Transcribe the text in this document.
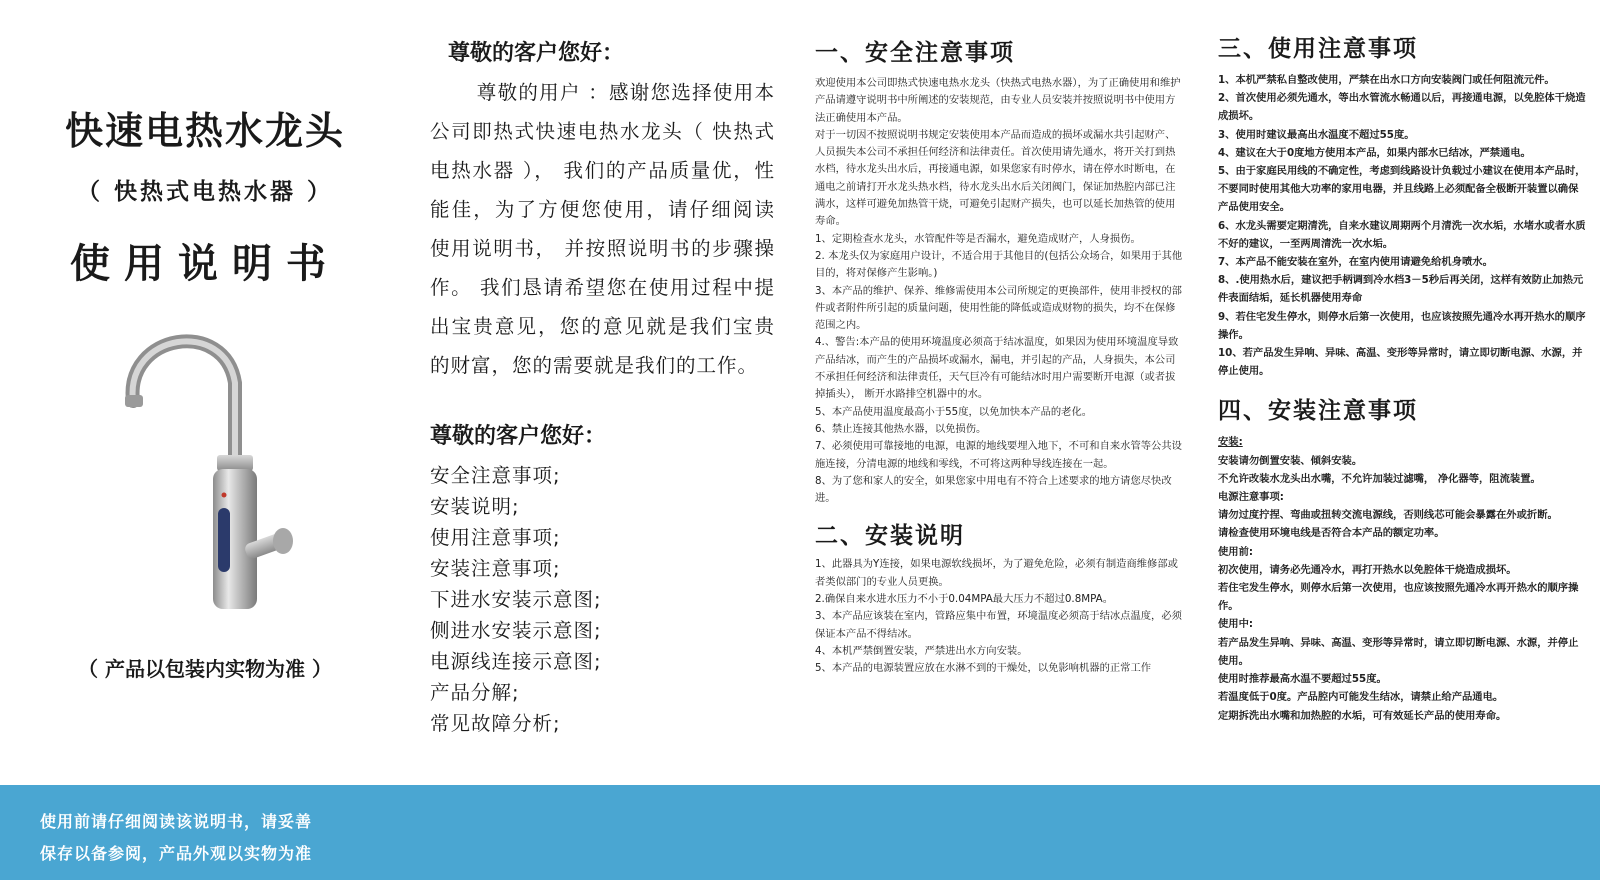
快速电热水龙头
（ 快热式电热水器 ）
使用说明书
（ 产品以包装内实物为准 ）
尊敬的客户您好：
尊敬的用户 ：感谢您选择使用本公司即热式快速电热水龙头（ 快热式电热水器 ）， 我们的产品质量优，性能佳，为了方便您使用，请仔细阅读使用说明书， 并按照说明书的步骤操作。 我们恳请希望您在使用过程中提出宝贵意见，您的意见就是我们宝贵的财富，您的需要就是我们的工作。
尊敬的客户您好：
安全注意事项;
安装说明;
使用注意事项;
安装注意事项;
下进水安装示意图;
侧进水安装示意图;
电源线连接示意图;
产品分解;
常见故障分析;
一、安全注意事项

欢迎使用本公司即热式快速电热水龙头（快热式电热水器），为了正确使用和维护产品请遵守说明书中所阐述的安装规范，由专业人员安装并按照说明书中使用方法正确使用本产品。

对于一切因不按照说明书规定安装使用本产品而造成的损坏或漏水共引起财产、人员损失本公司不承担任何经济和法律责任。首次使用请先通水，将开关打到热水档，待水龙头出水后，再接通电源，如果您家有时停水，请在停水时断电，在通电之前请打开水龙头热水档，待水龙头出水后关闭阀门，保证加热腔内部已注满水，这样可避免加热管干烧，可避免引起财产损失，也可以延长加热管的使用寿命。

1、定期检查水龙头，水管配件等是否漏水，避免造成财产，人身损伤。

2. 本龙头仅为家庭用户设计，不适合用于其他目的(包括公众场合，如果用于其他目的，将对保修产生影响。)

3、本产品的维护、保养、维修需使用本公司所规定的更换部件，使用非授权的部件或者附件所引起的质量问题，使用性能的降低或造成财物的损失，均不在保修范围之内。

4.、警告:本产品的使用环境温度必须高于结冰温度，如果因为使用环境温度导致产品结冰，而产生的产品损坏或漏水，漏电，并引起的产品，人身损失，本公司不承担任何经济和法律责任，天气巨冷有可能结冰时用户需要断开电源（或者拔掉插头）， 断开水路排空机器中的水。

5、本产品使用温度最高小于55度，以免加快本产品的老化。

6、禁止连接其他热水器，以免损伤。

7、必须使用可靠接地的电源，电源的地线要埋入地下，不可和自来水管等公共设施连接，分清电源的地线和零线，不可将这两种导线连接在一起。

8、为了您和家人的安全，如果您家中用电有不符合上述要求的地方请您尽快改进。

二、安装说明

1、此器具为Y连接，如果电源软线损坏，为了避免危险，必须有制造商维修部或者类似部门的专业人员更换。

2.确保自来水进水压力不小于0.04MPA最大压力不超过0.8MPA。

3、本产品应该装在室内，管路应集中布置，环境温度必须高于结冰点温度，必须保证本产品不得结冰。

4、本机严禁倒置安装，严禁进出水方向安装。

5、本产品的电源装置应放在水淋不到的干燥处，以免影响机器的正常工作

三、使用注意事项

1、本机严禁私自整改使用，严禁在出水口方向安装阀门或任何阻流元件。

2、首次使用必须先通水，等出水管流水畅通以后，再接通电源，以免腔体干烧造成损坏。

3、使用时建议最高出水温度不超过55度。

4、建议在大于0度地方使用本产品，如果内部水已结冰，严禁通电。

5、由于家庭民用线的不确定性，考虑到线路设计负载过小建议在使用本产品时，不要同时使用其他大功率的家用电器，并且线路上必须配备全极断开装置以确保产品使用安全。

6、水龙头需要定期清洗，自来水建议周期两个月清洗一次水垢，水堵水或者水质不好的建议，一至两周清洗一次水垢。

7、本产品不能安装在室外，在室内使用请避免给机身喷水。

8、.使用热水后，建议把手柄调到冷水档3－5秒后再关闭，这样有效防止加热元件表面结垢，延长机器使用寿命

9、若住宅发生停水，则停水后第一次使用，也应该按照先通冷水再开热水的顺序操作。

10、若产品发生异响、异味、高温、变形等异常时，请立即切断电源、水源，并停止使用。

四、安装注意事项

安装:

安装请勿倒置安装、倾斜安装。

不允许改装水龙头出水嘴，不允许加装过滤嘴， 净化器等，阻流装置。

电源注意事项:

请勿过度拧捏、弯曲或扭转交流电源线，否则线芯可能会暴露在外或折断。

请检查使用环境电线是否符合本产品的额定功率。

使用前:

初次使用，请务必先通冷水，再打开热水以免腔体干烧造成损坏。

若住宅发生停水，则停水后第一次使用，也应该按照先通冷水再开热水的顺序操作。

使用中:

若产品发生异响、异味、高温、变形等异常时，请立即切断电源、水源，并停止使用。

使用时推荐最高水温不要超过55度。

若温度低于0度。产品腔内可能发生结冰，请禁止给产品通电。

定期拆洗出水嘴和加热腔的水垢，可有效延长产品的使用寿命。

使用前请仔细阅读该说明书，请妥善

保存以备参阅，产品外观以实物为准
